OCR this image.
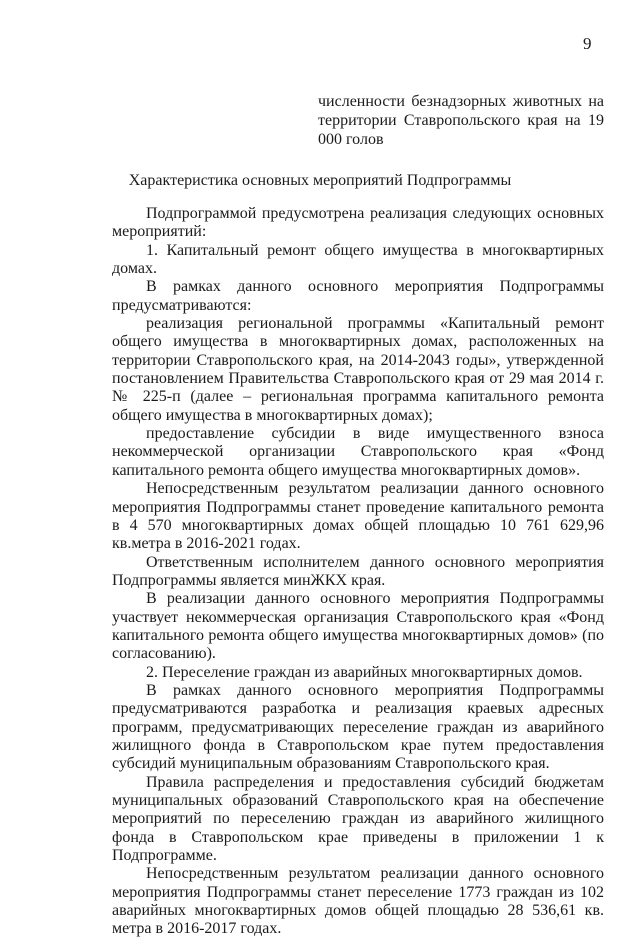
9
численности безнадзорных животных на территории Ставропольского края на 19 000 голов
Характеристика основных мероприятий Подпрограммы

Подпрограммой предусмотрена реализация следующих основных мероприятий:

1. Капитальный ремонт общего имущества в многоквартирных домах.

В рамках данного основного мероприятия Подпрограммы предусматриваются:

реализация региональной программы «Капитальный ремонт общего имущества в многоквартирных домах, расположенных на территории Ставропольского края, на 2014-2043 годы», утвержденной постановлением Правительства Ставропольского края от 29 мая 2014 г. № 225-п (далее – региональная программа капитального ремонта общего имущества в многоквартирных домах);

предоставление субсидии в виде имущественного взноса некоммерческой организации Ставропольского края «Фонд капитального ремонта общего имущества многоквартирных домов».

Непосредственным результатом реализации данного основного мероприятия Подпрограммы станет проведение капитального ремонта в 4 570 многоквартирных домах общей площадью 10 761 629,96 кв.метра в 2016-2021 годах.

Ответственным исполнителем данного основного мероприятия Подпрограммы является минЖКХ края.

В реализации данного основного мероприятия Подпрограммы участвует некоммерческая организация Ставропольского края «Фонд капитального ремонта общего имущества многоквартирных домов» (по согласованию).

2. Переселение граждан из аварийных многоквартирных домов.

В рамках данного основного мероприятия Подпрограммы предусматриваются разработка и реализация краевых адресных программ, предусматривающих переселение граждан из аварийного жилищного фонда в Ставропольском крае путем предоставления субсидий муниципальным образованиям Ставропольского края.

Правила распределения и предоставления субсидий бюджетам муниципальных образований Ставропольского края на обеспечение мероприятий по переселению граждан из аварийного жилищного фонда в Ставропольском крае приведены в приложении 1 к Подпрограмме.

Непосредственным результатом реализации данного основного мероприятия Подпрограммы станет переселение 1773 граждан из 102 аварийных многоквартирных домов общей площадью 28 536,61 кв. метра в 2016-2017 годах.
